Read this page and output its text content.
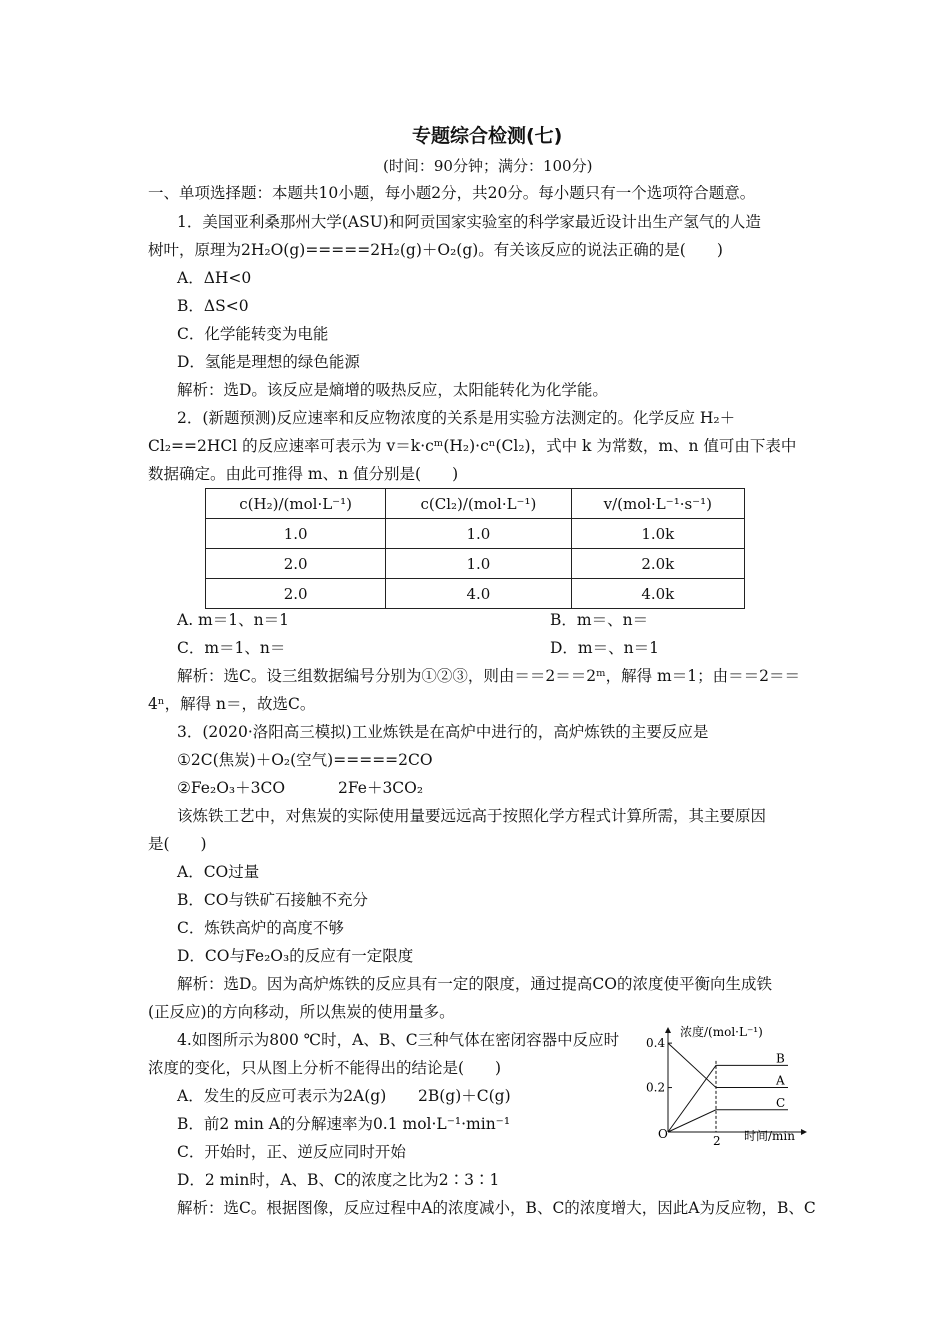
专题综合检测(七)
(时间：90分钟；满分：100分)
一、单项选择题：本题共10小题，每小题2分，共20分。每小题只有一个选项符合题意。
1．美国亚利桑那州大学(ASU)和阿贡国家实验室的科学家最近设计出生产氢气的人造
树叶，原理为2H₂O(g)=====2H₂(g)＋O₂(g)。有关该反应的说法正确的是(　　)
A．ΔH<0
B．ΔS<0
C．化学能转变为电能
D．氢能是理想的绿色能源
解析：选D。该反应是熵增的吸热反应，太阳能转化为化学能。
2．(新题预测)反应速率和反应物浓度的关系是用实验方法测定的。化学反应 H₂＋
Cl₂==2HCl 的反应速率可表示为 v＝k·cᵐ(H₂)·cⁿ(Cl₂)，式中 k 为常数，m、n 值可由下表中
数据确定。由此可推得 m、n 值分别是(　　)
c(H₂)/(mol·L⁻¹)	c(Cl₂)/(mol·L⁻¹)	v/(mol·L⁻¹·s⁻¹)
1.0	1.0	1.0k
2.0	1.0	2.0k
2.0	4.0	4.0k
A. m＝1、n＝1	B．m＝、n＝
C．m＝1、n＝	D．m＝、n＝1
解析：选C。设三组数据编号分别为①②③，则由＝＝2＝＝2ᵐ，解得 m＝1；由＝＝2＝＝
4ⁿ，解得 n＝，故选C。
3．(2020·洛阳高三模拟)工业炼铁是在高炉中进行的，高炉炼铁的主要反应是
①2C(焦炭)＋O₂(空气)=====2CO
②Fe₂O₃＋3CO	2Fe＋3CO₂
该炼铁工艺中，对焦炭的实际使用量要远远高于按照化学方程式计算所需，其主要原因
是(　　)
A．CO过量
B．CO与铁矿石接触不充分
C．炼铁高炉的高度不够
D．CO与Fe₂O₃的反应有一定限度
解析：选D。因为高炉炼铁的反应具有一定的限度，通过提高CO的浓度使平衡向生成铁
(正反应)的方向移动，所以焦炭的使用量多。
4.如图所示为800 ℃时，A、B、C三种气体在密闭容器中反应时
浓度的变化，只从图上分析不能得出的结论是(　　)
A．发生的反应可表示为2A(g) 2B(g)＋C(g)
B．前2 min A的分解速率为0.1 mol·L⁻¹·min⁻¹
C．开始时，正、逆反应同时开始
D．2 min时，A、B、C的浓度之比为2∶3∶1
解析：选C。根据图像，反应过程中A的浓度减小，B、C的浓度增大，因此A为反应物，B、C
浓度/(mol·L⁻¹)
时间/min
O
0.4
0.2
2
A
B
C
